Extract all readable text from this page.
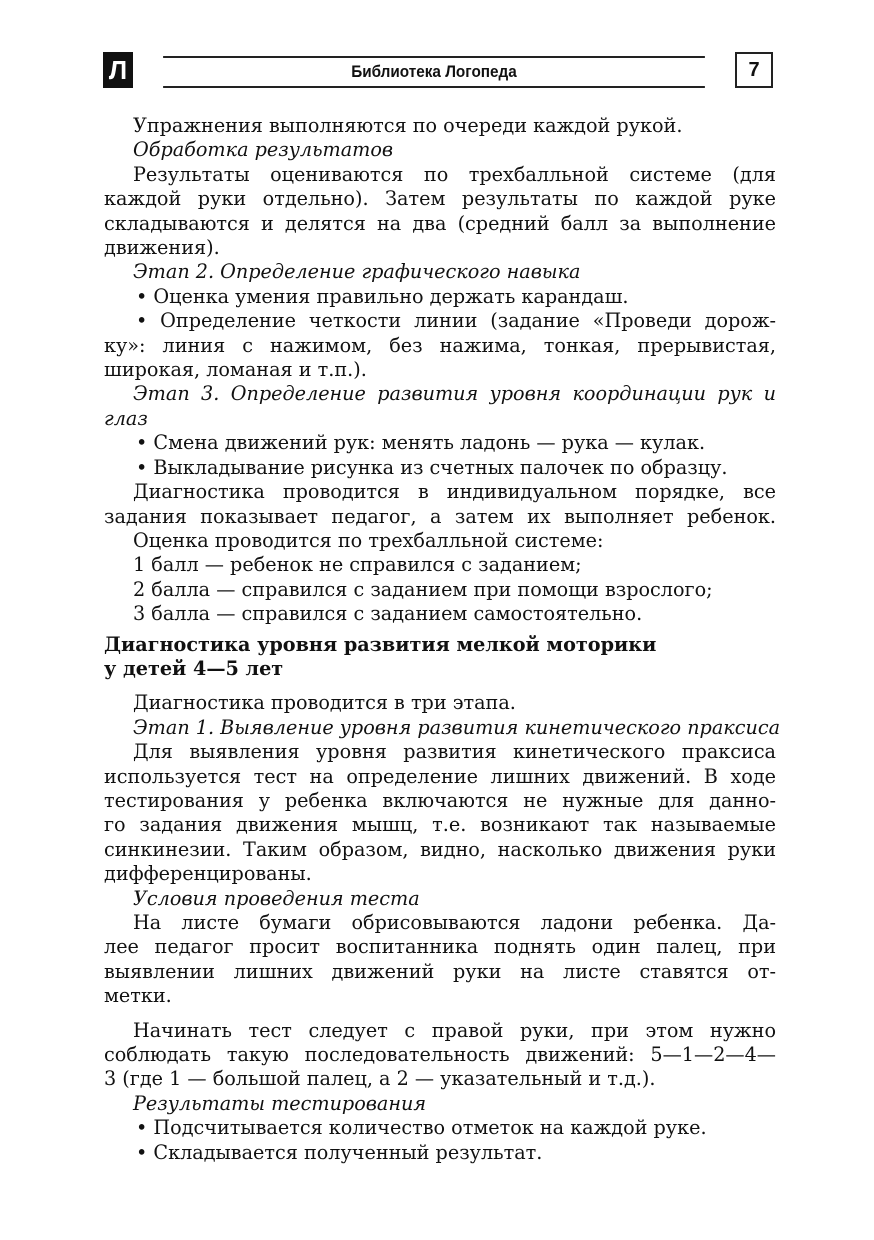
Л	Библиотека Логопеда	7
Упражнения выполняются по очереди каждой рукой.
Обработка результатов
Результаты оцениваются по трехбалльной системе (для
каждой руки отдельно). Затем результаты по каждой руке
складываются и делятся на два (средний балл за выполнение
движения).
Этап 2. Определение графического навыка
• Оценка умения правильно держать карандаш.
• Определение четкости линии (задание «Проведи дорож-
ку»: линия с нажимом, без нажима, тонкая, прерывистая,
широкая, ломаная и т.п.).
Этап 3. Определение развития уровня координации рук и
глаз
• Смена движений рук: менять ладонь — рука — кулак.
• Выкладывание рисунка из счетных палочек по образцу.
Диагностика проводится в индивидуальном порядке, все
задания показывает педагог, а затем их выполняет ребенок.
Оценка проводится по трехбалльной системе:
1 балл — ребенок не справился с заданием;
2 балла — справился с заданием при помощи взрослого;
3 балла — справился с заданием самостоятельно.
Диагностика уровня развития мелкой моторики
у детей 4—5 лет
Диагностика проводится в три этапа.
Этап 1. Выявление уровня развития кинетического праксиса
Для выявления уровня развития кинетического праксиса
используется тест на определение лишних движений. В ходе
тестирования у ребенка включаются не нужные для данно-
го задания движения мышц, т.е. возникают так называемые
синкинезии. Таким образом, видно, насколько движения руки
дифференцированы.
Условия проведения теста
На листе бумаги обрисовываются ладони ребенка. Да-
лее педагог просит воспитанника поднять один палец, при
выявлении лишних движений руки на листе ставятся от-
метки.
Начинать тест следует с правой руки, при этом нужно
соблюдать такую последовательность движений: 5—1—2—4—
3 (где 1 — большой палец, а 2 — указательный и т.д.).
Результаты тестирования
• Подсчитывается количество отметок на каждой руке.
• Складывается полученный результат.
